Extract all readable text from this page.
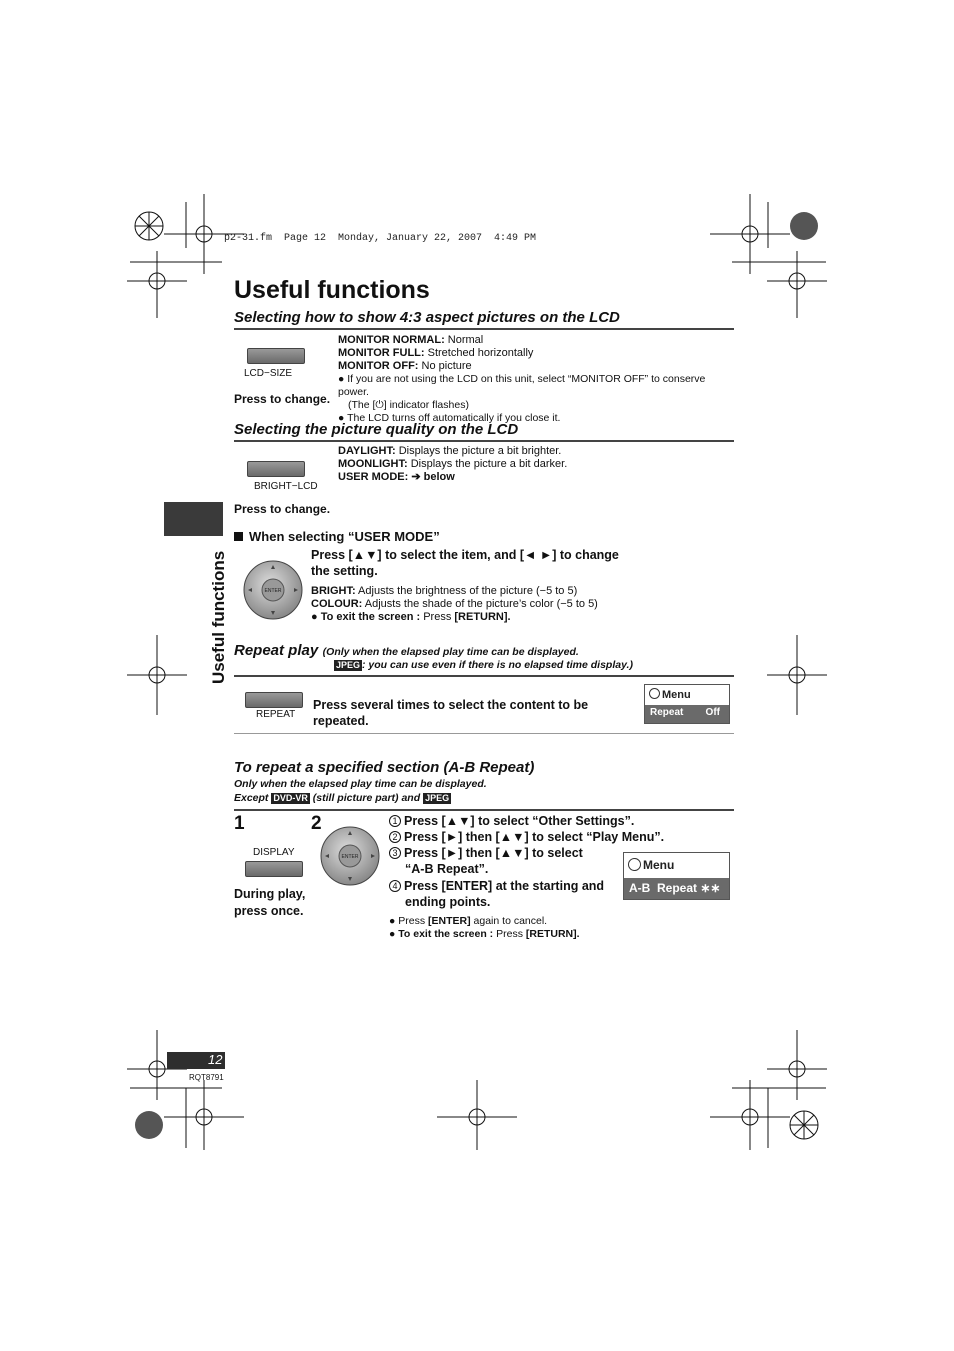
p2-31.fm  Page 12  Monday, January 22, 2007  4:49 PM
Useful functions
Useful functions
Selecting how to show 4:3 aspect pictures on the LCD
LCD−SIZE
Press to change.
MONITOR NORMAL: Normal
MONITOR FULL: Stretched horizontally
MONITOR OFF: No picture
● If you are not using the LCD on this unit, select “MONITOR OFF” to conserve power.
(The [⏻] indicator flashes)
● The LCD turns off automatically if you close it.
Selecting the picture quality on the LCD
BRIGHT−LCD
Press to change.
DAYLIGHT: Displays the picture a bit brighter.
MOONLIGHT: Displays the picture a bit darker.
USER MODE: ➔ below
When selecting “USER MODE”
ENTER
Press [▲▼] to select the item, and [◄ ►] to change
the setting.
BRIGHT: Adjusts the brightness of the picture (−5 to 5)
COLOUR: Adjusts the shade of the picture’s color (−5 to 5)
● To exit the screen : Press [RETURN].
Repeat play (Only when the elapsed play time can be displayed.
JPEG : you can use even if there is no elapsed time display.)
REPEAT
Press several times to select the content to be
repeated.
Menu
Repeat Off
To repeat a specified section (A-B Repeat)
Only when the elapsed play time can be displayed.
Except DVD-VR (still picture part) and JPEG
1	2
DISPLAY
During play,
press once.
ENTER
1 Press [▲▼] to select “Other Settings”.
2 Press [►] then [▲▼] to select “Play Menu”.
3 Press [►] then [▲▼] to select
“A-B Repeat”.
4 Press [ENTER] at the starting and
ending points.
● Press [ENTER] again to cancel.
● To exit the screen : Press [RETURN].
Menu
A-B  Repeat ∗∗
12
RQT8791
